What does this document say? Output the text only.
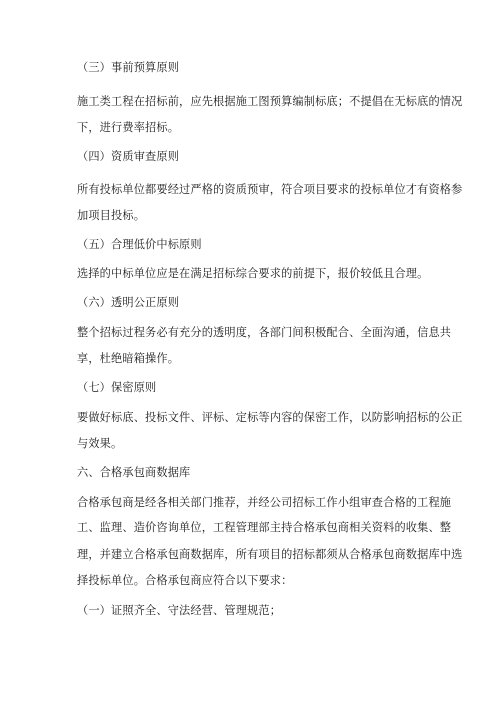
（三）事前预算原则
施工类工程在招标前，应先根据施工图预算编制标底；不提倡在无标底的情况
下，进行费率招标。
（四）资质审查原则
所有投标单位都要经过严格的资质预审，符合项目要求的投标单位才有资格参
加项目投标。
（五）合理低价中标原则
选择的中标单位应是在满足招标综合要求的前提下，报价较低且合理。
（六）透明公正原则
整个招标过程务必有充分的透明度，各部门间积极配合、全面沟通，信息共
享，杜绝暗箱操作。
（七）保密原则
要做好标底、投标文件、评标、定标等内容的保密工作，以防影响招标的公正
与效果。
六、合格承包商数据库
合格承包商是经各相关部门推荐，并经公司招标工作小组审查合格的工程施
工、监理、造价咨询单位，工程管理部主持合格承包商相关资料的收集、整
理，并建立合格承包商数据库，所有项目的招标都须从合格承包商数据库中选
择投标单位。合格承包商应符合以下要求：
（一）证照齐全、守法经营、管理规范；
